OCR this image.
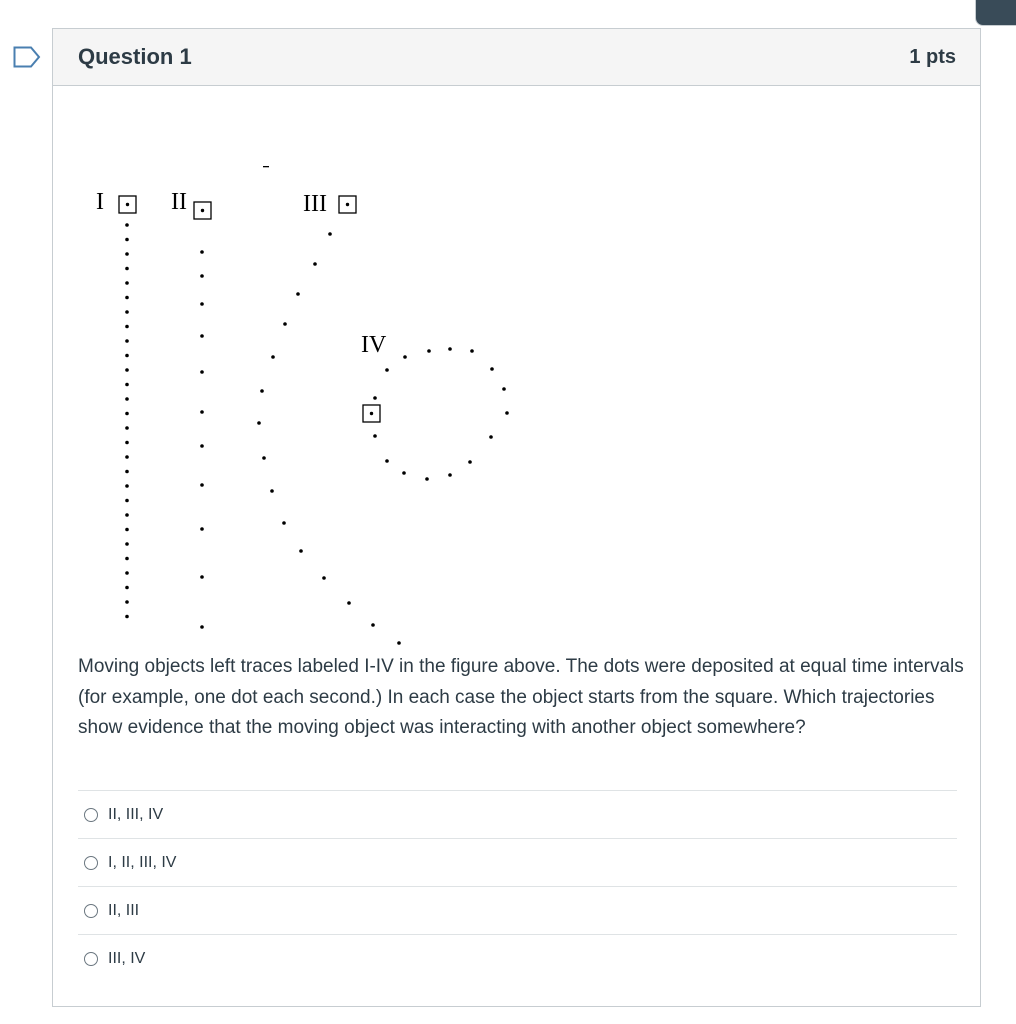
Question 1	1 pts
I	II	III
IV
Moving objects left traces labeled I-IV in the figure above. The dots were deposited at equal time intervals (for example, one dot each second.) In each case the object starts from the square. Which trajectories show evidence that the moving object was interacting with another object somewhere?
II, III, IV
I, II, III, IV
II, III
III, IV
